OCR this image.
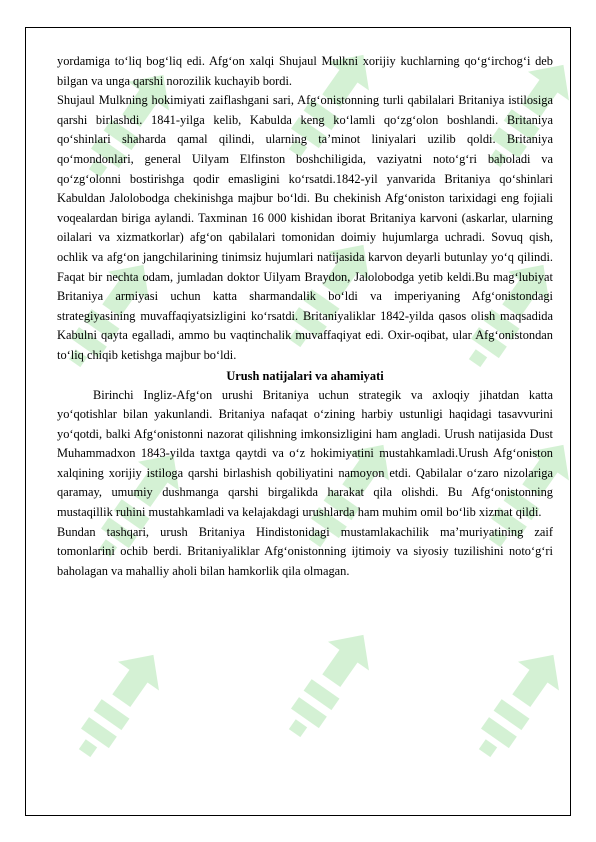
yordamiga to‘liq bog‘liq edi. Afg‘on xalqi Shujaul Mulkni xorijiy kuchlarning qo‘g‘irchog‘i deb bilgan va unga qarshi norozilik kuchayib bordi.

Shujaul Mulkning hokimiyati zaiflashgani sari, Afg‘onistonning turli qabilalari Britaniya istilosiga qarshi birlashdi. 1841-yilga kelib, Kabulda keng ko‘lamli qo‘zg‘olon boshlandi. Britaniya qo‘shinlari shaharda qamal qilindi, ularning ta’minot liniyalari uzilib qoldi. Britaniya qo‘mondonlari, general Uilyam Elfinston boshchiligida, vaziyatni noto‘g‘ri baholadi va qo‘zg‘olonni bostirishga qodir emasligini ko‘rsatdi.1842-yil yanvarida Britaniya qo‘shinlari Kabuldan Jalolobodga chekinishga majbur bo‘ldi. Bu chekinish Afg‘oniston tarixidagi eng fojiali voqealardan biriga aylandi. Taxminan 16 000 kishidan iborat Britaniya karvoni (askarlar, ularning oilalari va xizmatkorlar) afg‘on qabilalari tomonidan doimiy hujumlarga uchradi. Sovuq qish, ochlik va afg‘on jangchilarining tinimsiz hujumlari natijasida karvon deyarli butunlay yo‘q qilindi. Faqat bir nechta odam, jumladan doktor Uilyam Braydon, Jalolobodga yetib keldi.Bu mag‘lubiyat Britaniya armiyasi uchun katta sharmandalik bo‘ldi va imperiyaning Afg‘onistondagi strategiyasining muvaffaqiyatsizligini ko‘rsatdi. Britaniyaliklar 1842-yilda qasos olish maqsadida Kabulni qayta egalladi, ammo bu vaqtinchalik muvaffaqiyat edi. Oxir-oqibat, ular Afg‘onistondan to‘liq chiqib ketishga majbur bo‘ldi.

Urush natijalari va ahamiyati

Birinchi Ingliz-Afg‘on urushi Britaniya uchun strategik va axloqiy jihatdan katta yo‘qotishlar bilan yakunlandi. Britaniya nafaqat o‘zining harbiy ustunligi haqidagi tasavvurini yo‘qotdi, balki Afg‘onistonni nazorat qilishning imkonsizligini ham angladi. Urush natijasida Dust Muhammadxon 1843-yilda taxtga qaytdi va o‘z hokimiyatini mustahkamladi.Urush Afg‘oniston xalqining xorijiy istiloga qarshi birlashish qobiliyatini namoyon etdi. Qabilalar o‘zaro nizolariga qaramay, umumiy dushmanga qarshi birgalikda harakat qila olishdi. Bu Afg‘onistonning mustaqillik ruhini mustahkamladi va kelajakdagi urushlarda ham muhim omil bo‘lib xizmat qildi.

Bundan tashqari, urush Britaniya Hindistonidagi mustamlakachilik ma’muriyatining zaif tomonlarini ochib berdi. Britaniyaliklar Afg‘onistonning ijtimoiy va siyosiy tuzilishini noto‘g‘ri baholagan va mahalliy aholi bilan hamkorlik qila olmagan.
